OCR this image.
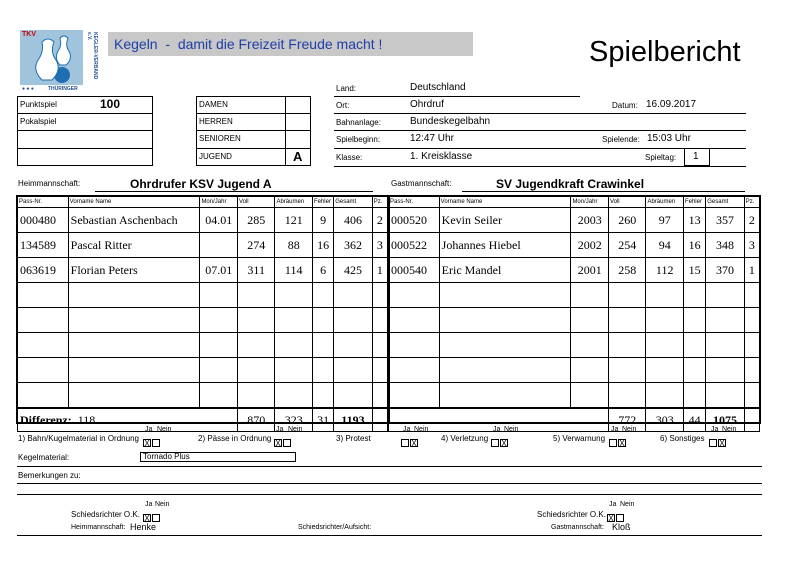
TKV	KEGLER-VERBAND e.V.
● ● ●	THÜRINGER
Kegeln  -  damit die Freizeit Freude macht !	Spielbericht
Punktspiel	100
Pokalspiel
DAMEN
HERREN
SENIOREN
JUGEND	A
Land:	Deutschland
Ort:	Ohrdruf	Datum: 16.09.2017
Bahnanlage:	Bundeskegelbahn
Spielbeginn:	12:47 Uhr	Spielende: 15:03 Uhr
Klasse:	1. Kreisklasse	Spieltag: 1
Heimmannschaft:	Ohrdrufer KSV Jugend A	Gastmannschaft:	SV Jugendkraft Crawinkel
Pass-Nr.	Vorname Name	Mon/Jahr	Voll	Abräumen	Fehler	Gesamt	Pz.
000480	Sebastian Aschenbach	04.01	285	121	9	406	2
134589	Pascal Ritter		274	88	16	362	3
063619	Florian Peters	07.01	311	114	6	425	1

Differenz: 118			870	323	31	1193	
Pass-Nr.	Vorname Name	Mon/Jahr	Voll	Abräumen	Fehler	Gesamt	Pz.
000520	Kevin Seiler	2003	260	97	13	357	2
000522	Johannes Hiebel	2002	254	94	16	348	3
000540	Eric Mandel	2001	258	112	15	370	1

			772	303	44	1075	
Ja Nein
1) Bahn/Kugelmaterial in Ordnung
X
Ja Nein
2) Pässe in Ordnung
X
Ja Nein
3) Protest
X
Ja Nein
4) Verletzung
X
Ja Nein
5) Verwarnung
X
Ja Nein
6) Sonstiges
X
Kegelmaterial:	Tornado Plus
Bemerkungen zu:
Ja Nein
Schiedsrichter O.K. X
Ja Nein
Schiedsrichter O.K. X
Heimmannschaft: Henke	Schiedsrichter/Aufsicht:	Gastmannschaft: Kloß
